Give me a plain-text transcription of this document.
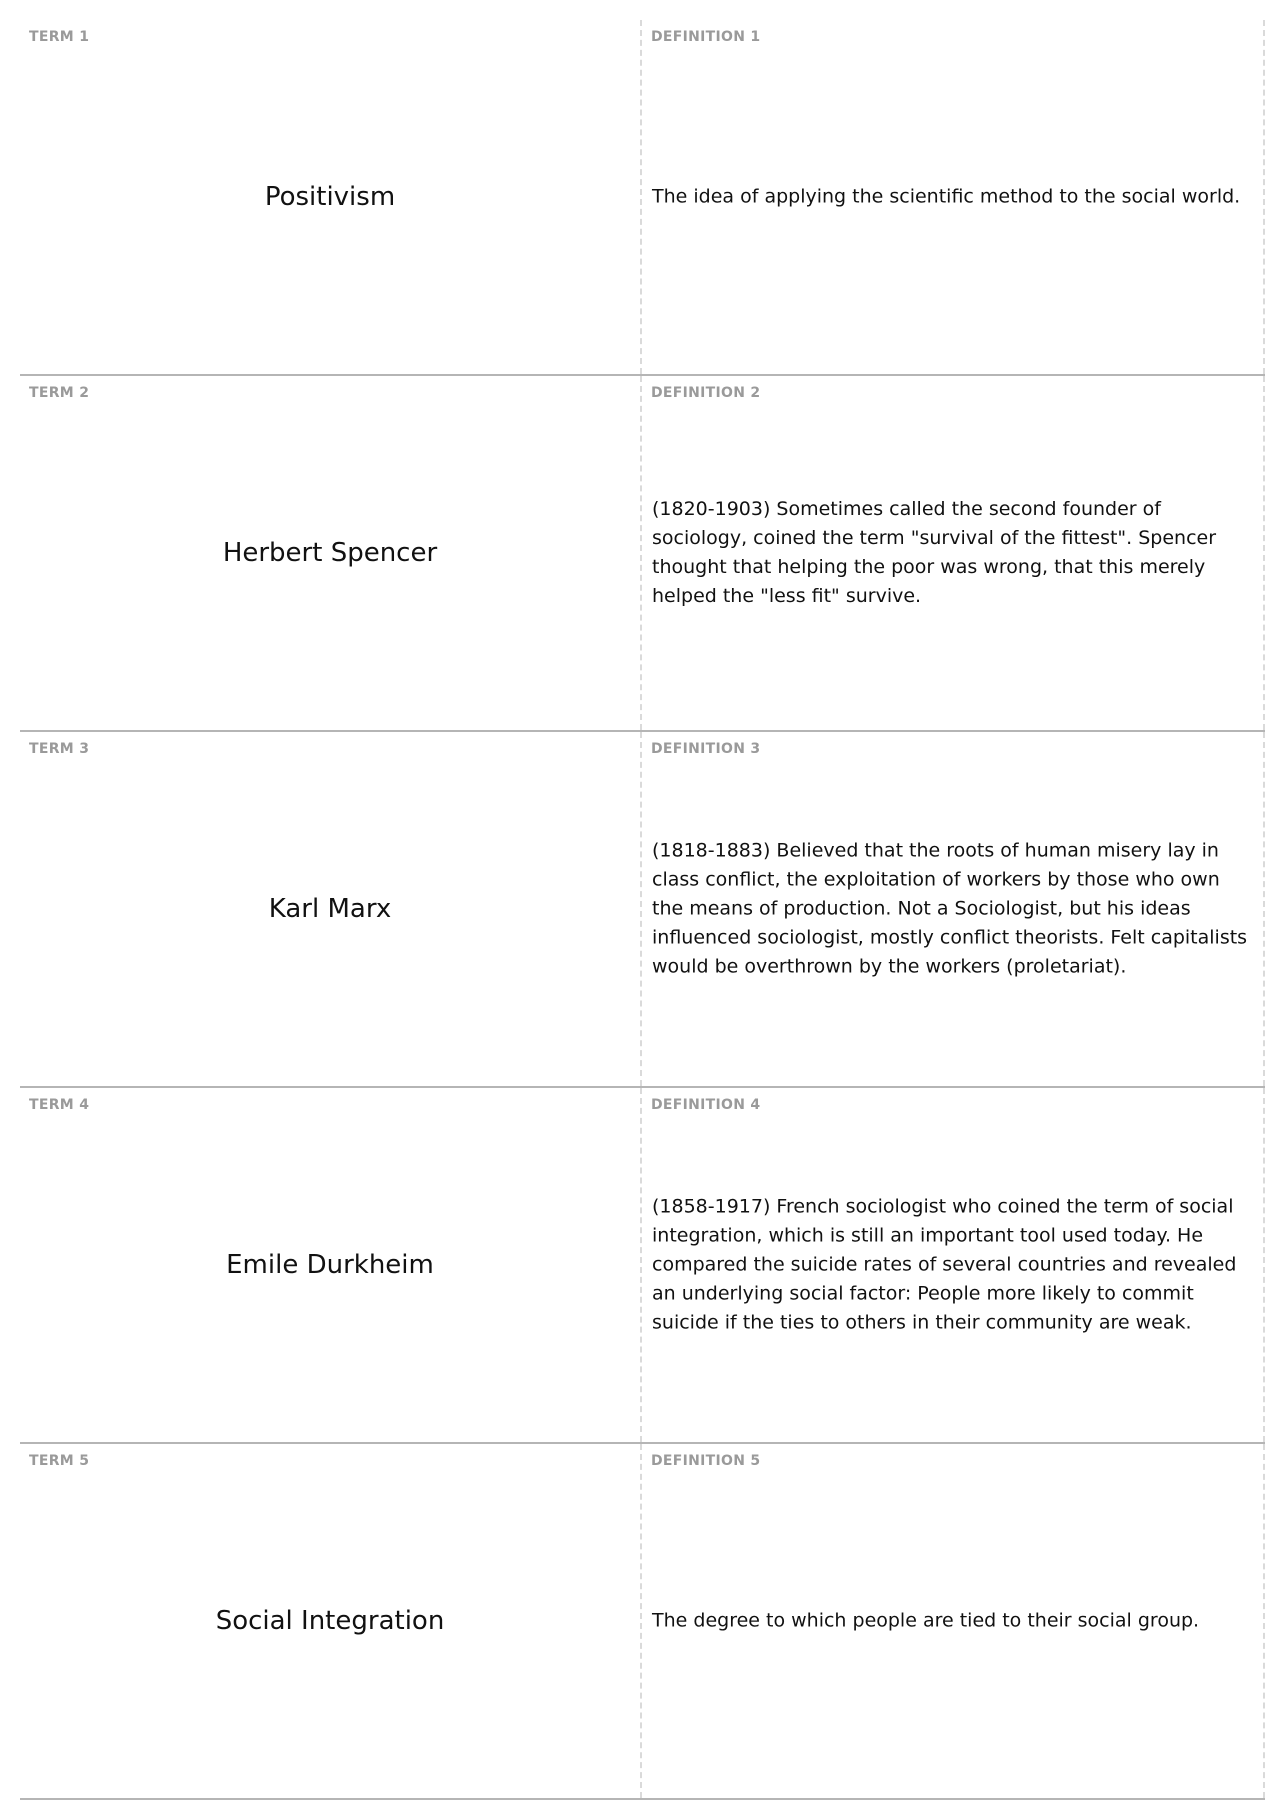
TERM 1
Positivism
DEFINITION 1
The idea of applying the scientific method to the social world.
TERM 2
Herbert Spencer
DEFINITION 2
(1820-1903) Sometimes called the second founder of sociology, coined the term "survival of the fittest". Spencer thought that helping the poor was wrong, that this merely helped the "less fit" survive.
TERM 3
Karl Marx
DEFINITION 3
(1818-1883) Believed that the roots of human misery lay in class conflict, the exploitation of workers by those who own the means of production. Not a Sociologist, but his ideas influenced sociologist, mostly conflict theorists. Felt capitalists would be overthrown by the workers (proletariat).
TERM 4
Emile Durkheim
DEFINITION 4
(1858-1917) French sociologist who coined the term of social integration, which is still an important tool used today. He compared the suicide rates of several countries and revealed an underlying social factor: People more likely to commit suicide if the ties to others in their community are weak.
TERM 5
Social Integration
DEFINITION 5
The degree to which people are tied to their social group.
